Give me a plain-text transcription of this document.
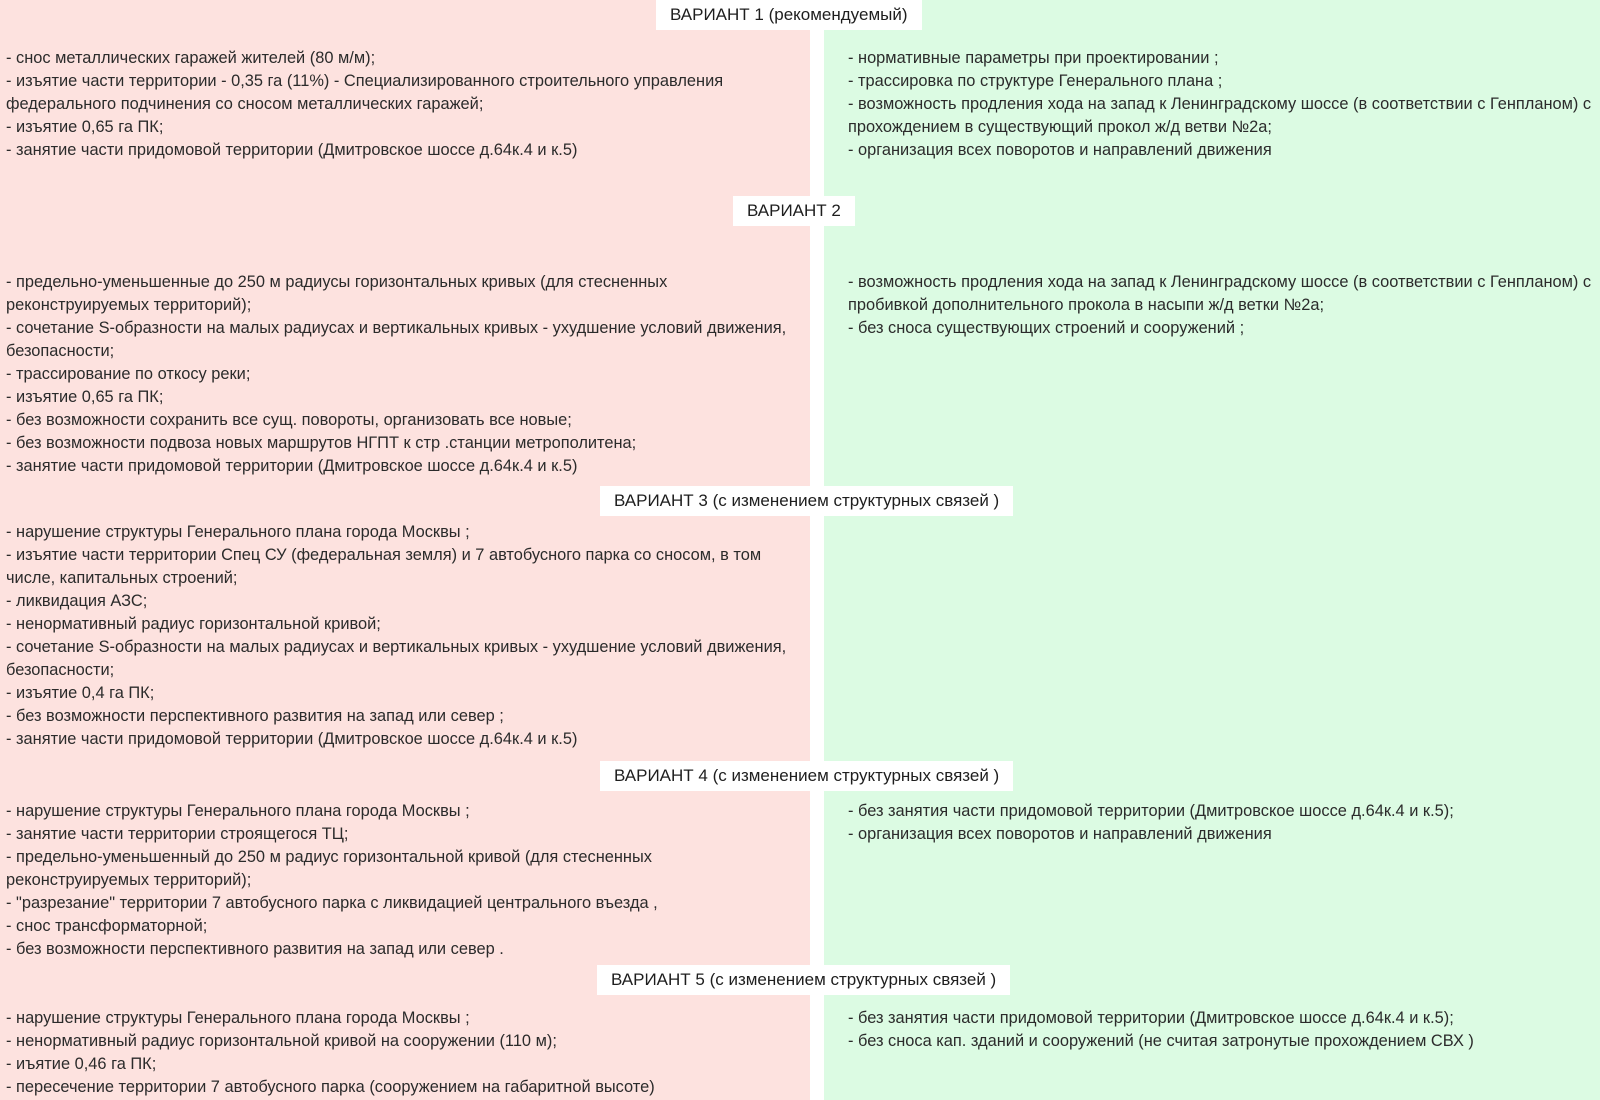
ВАРИАНТ 1 (рекомендуемый)
- снос металлических гаражей жителей (80 м/м);
- изъятие части территории - 0,35 га (11%) - Специализированного строительного управления федерального подчинения со сносом металлических гаражей;
- изъятие 0,65 га ПК;
- занятие части придомовой территории (Дмитровское шоссе д.64к.4 и к.5)
- нормативные параметры при проектировании ;
- трассировка по структуре Генерального плана ;
- возможность продления хода на запад к Ленинградскому шоссе (в соответствии с Генпланом) с прохождением в существующий прокол ж/д ветви №2а;
- организация всех поворотов и направлений движения
ВАРИАНТ 2
- предельно-уменьшенные до 250 м радиусы горизонтальных кривых (для стесненных реконструируемых территорий);
- сочетание S-образности на малых радиусах и вертикальных кривых - ухудшение условий движения, безопасности;
- трассирование по откосу реки;
- изъятие 0,65 га ПК;
- без возможности сохранить все сущ. повороты, организовать все новые;
- без возможности подвоза новых маршрутов НГПТ к стр .станции метрополитена;
- занятие части придомовой территории (Дмитровское шоссе д.64к.4 и к.5)
- возможность продления хода на запад к Ленинградскому шоссе (в соответствии с Генпланом) с пробивкой дополнительного прокола в насыпи ж/д ветки №2а;
- без сноса существующих строений и сооружений ;
ВАРИАНТ 3 (с изменением структурных связей )
- нарушение структуры Генерального плана города Москвы ;
- изъятие части территории Спец СУ (федеральная земля) и 7 автобусного парка со сносом, в том числе, капитальных строений;
- ликвидация АЗС;
- ненормативный радиус горизонтальной кривой;
- сочетание S-образности на малых радиусах и вертикальных кривых - ухудшение условий движения, безопасности;
- изъятие 0,4 га ПК;
- без возможности перспективного развития на запад или север ;
- занятие части придомовой территории (Дмитровское шоссе д.64к.4 и к.5)
ВАРИАНТ 4 (с изменением структурных связей )
- нарушение структуры Генерального плана города Москвы ;
- занятие части территории строящегося ТЦ;
- предельно-уменьшенный до 250 м радиус горизонтальной кривой (для стесненных реконструируемых территорий);
- "разрезание" территории 7 автобусного парка с ликвидацией центрального въезда ,
- снос трансформаторной;
- без возможности перспективного развития на запад или север .
- без занятия части придомовой территории (Дмитровское шоссе д.64к.4 и к.5);
- организация всех поворотов и направлений движения
ВАРИАНТ 5 (с изменением структурных связей )
- нарушение структуры Генерального плана города Москвы ;
- ненормативный радиус горизонтальной кривой на сооружении (110 м);
- иъятие 0,46 га ПК;
- пересечение территории 7 автобусного парка (сооружением на габаритной высоте)
- без занятия части придомовой территории (Дмитровское шоссе д.64к.4 и к.5);
- без сноса кап. зданий и сооружений (не считая затронутые прохождением СВХ )
